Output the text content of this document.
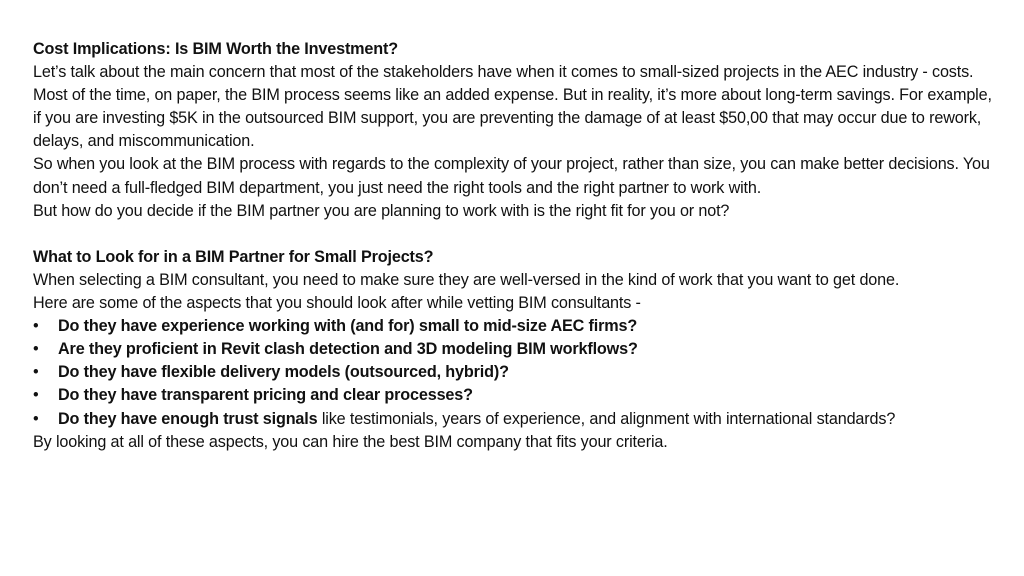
Cost Implications: Is BIM Worth the Investment?

Let’s talk about the main concern that most of the stakeholders have when it comes to small-sized projects in the AEC industry - costs.

Most of the time, on paper, the BIM process seems like an added expense. But in reality, it’s more about long-term savings. For example, if you are investing $5K in the outsourced BIM support, you are preventing the damage of at least $50,00 that may occur due to rework, delays, and miscommunication.

So when you look at the BIM process with regards to the complexity of your project, rather than size, you can make better decisions. You don’t need a full-fledged BIM department, you just need the right tools and the right partner to work with.

But how do you decide if the BIM partner you are planning to work with is the right fit for you or not?

What to Look for in a BIM Partner for Small Projects?

When selecting a BIM consultant, you need to make sure they are well-versed in the kind of work that you want to get done.

Here are some of the aspects that you should look after while vetting BIM consultants -

•	Do they have experience working with (and for) small to mid-size AEC firms?
•	Are they proficient in Revit clash detection and 3D modeling BIM workflows?
•	Do they have flexible delivery models (outsourced, hybrid)?
•	Do they have transparent pricing and clear processes?
•	Do they have enough trust signals like testimonials, years of experience, and alignment with international standards?

By looking at all of these aspects, you can hire the best BIM company that fits your criteria.
